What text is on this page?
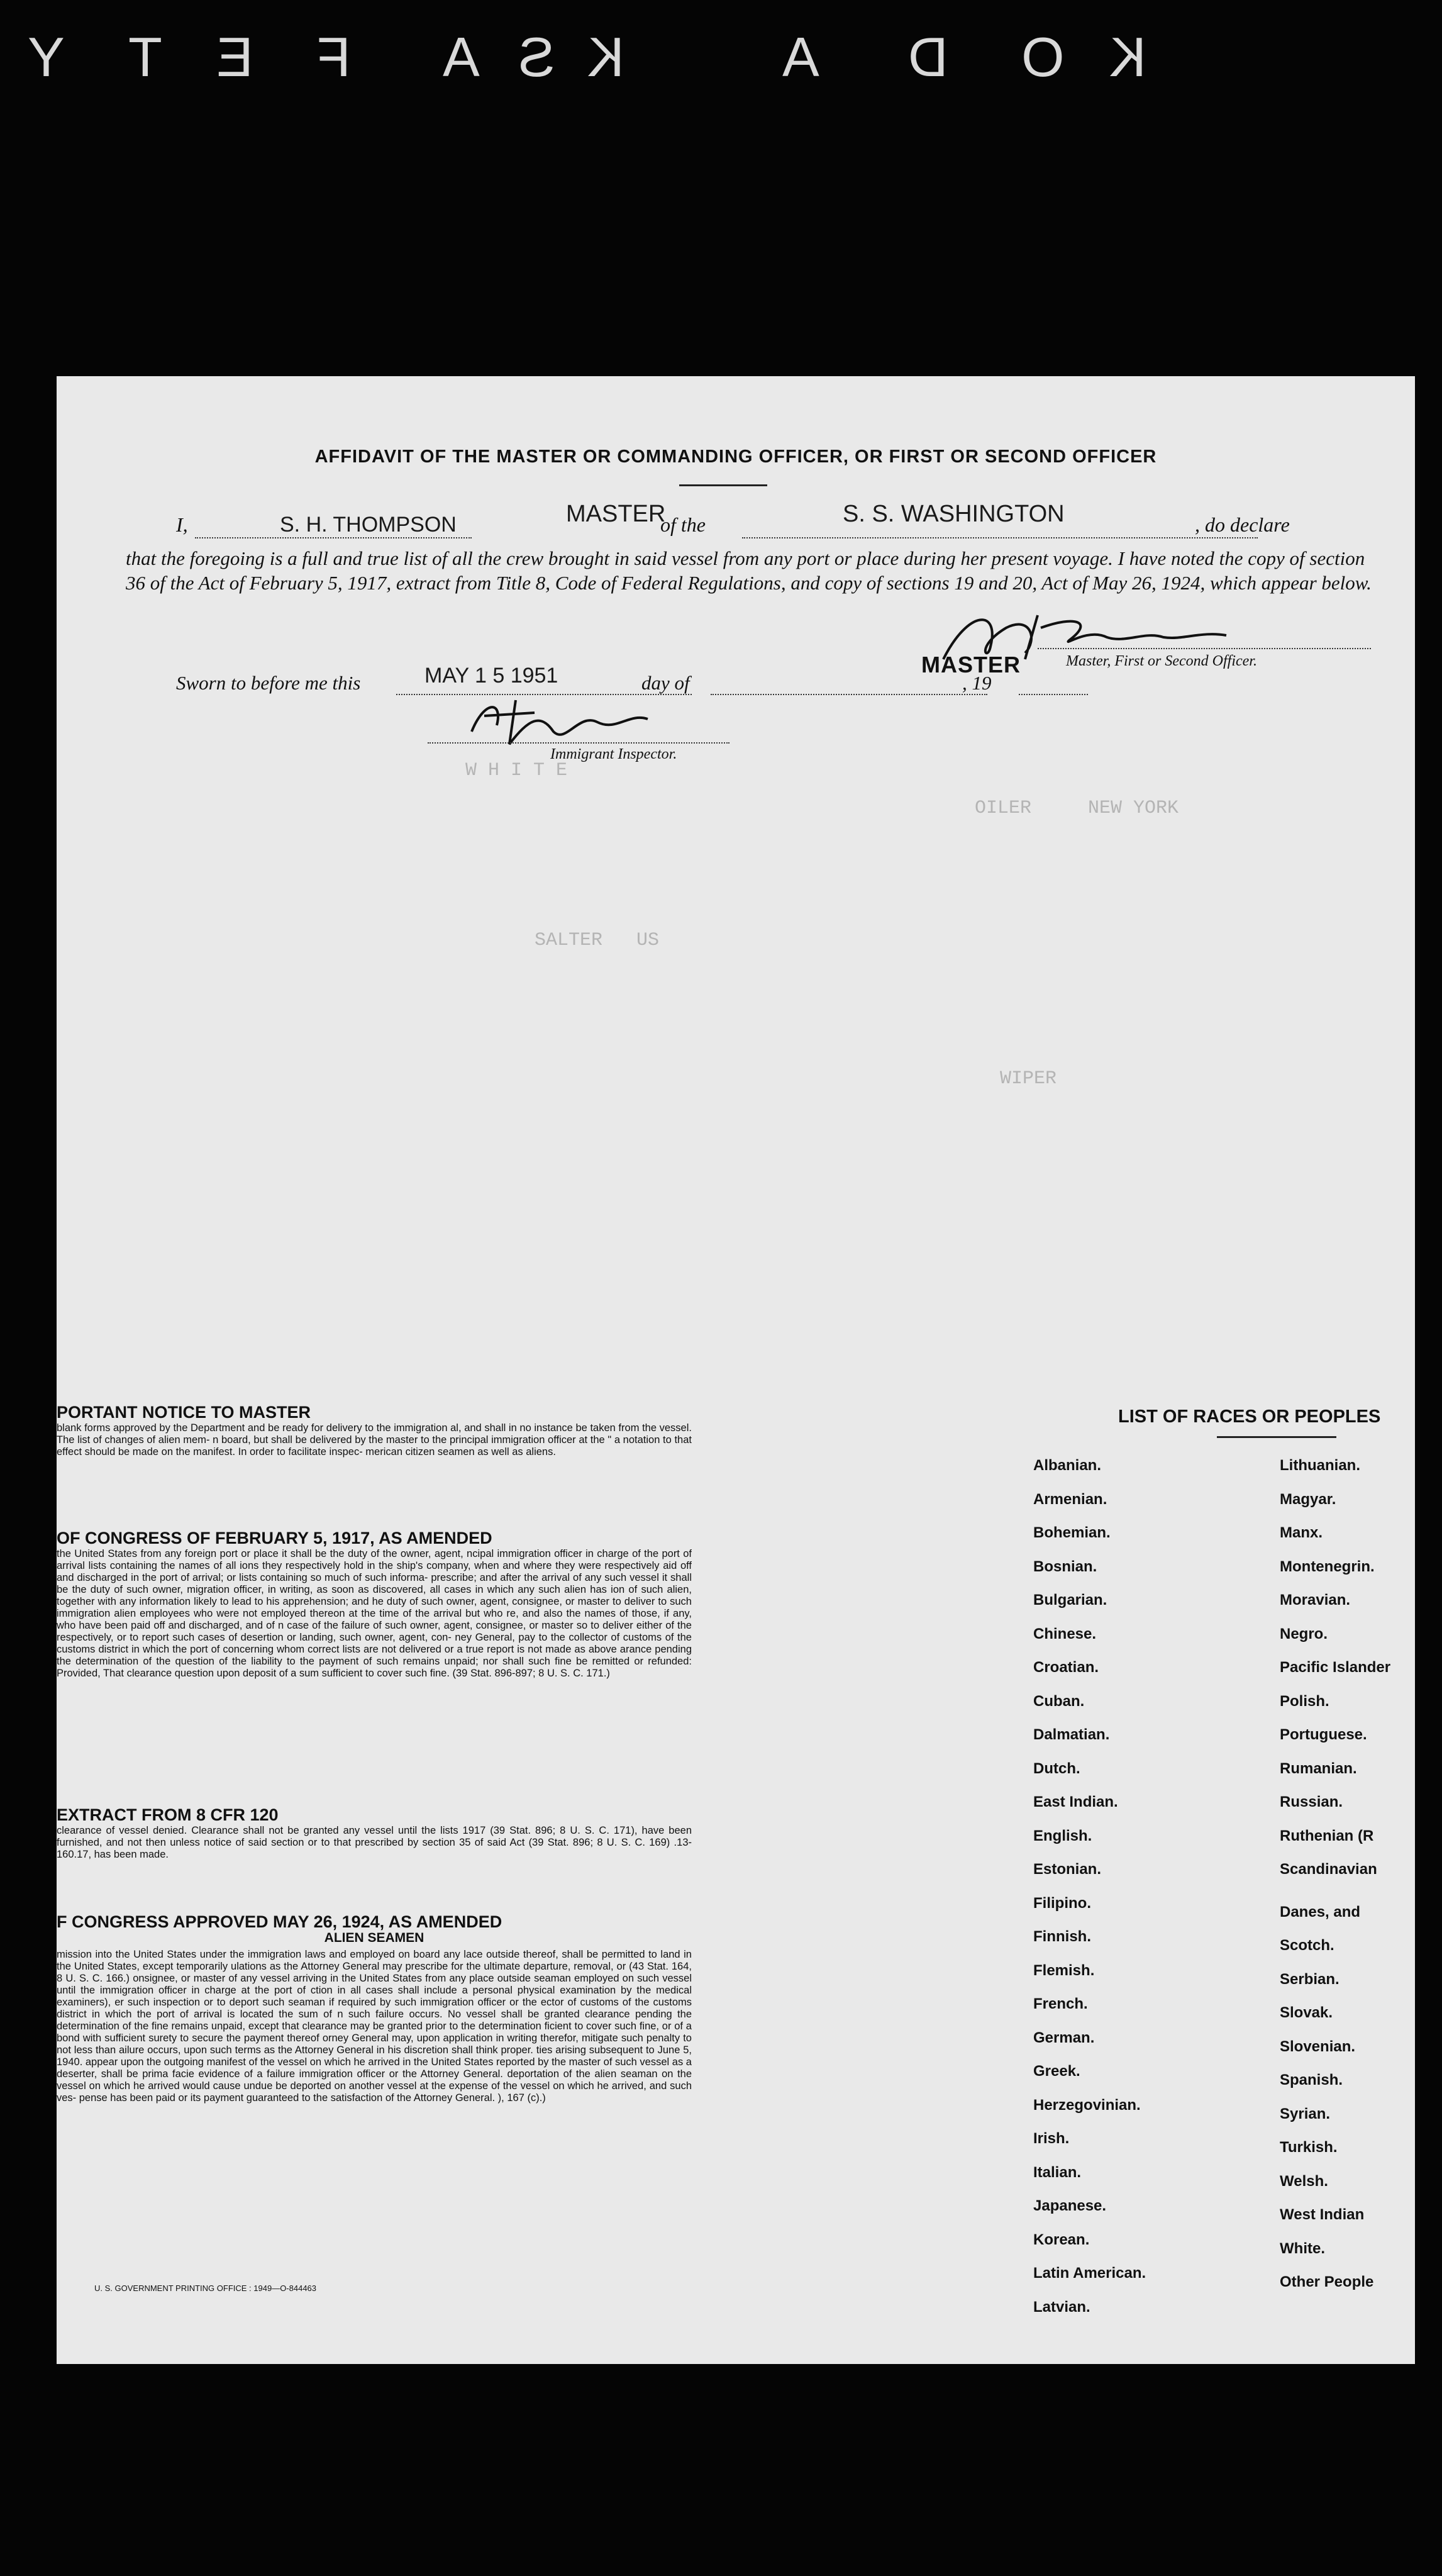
Y T E F A S K	A D O K
W H I T E
OILER     NEW YORK
SALTER   US
WIPER
AFFIDAVIT OF THE MASTER OR COMMANDING OFFICER, OR FIRST OR SECOND OFFICER
I,	S. H. THOMPSON	MASTER
of the	S. S. WASHINGTON	, do declare
that the foregoing is a full and true list of all the crew brought in said vessel from any port or place during her present voyage. I have noted the copy of section 36 of the Act of February 5, 1917, extract from Title 8, Code of Federal Regulations, and copy of sections 19 and 20, Act of May 26, 1924, which appear below.
Sworn to before me this	MAY 1 5 1951	day of	, 19
MASTER	Master, First or Second Officer.
Immigrant Inspector.
PORTANT NOTICE TO MASTER

blank forms approved by the Department and be ready for delivery to the immigration al, and shall in no instance be taken from the vessel. The list of changes of alien mem- n board, but shall be delivered by the master to the principal immigration officer at the " a notation to that effect should be made on the manifest. In order to facilitate inspec- merican citizen seamen as well as aliens.

OF CONGRESS OF FEBRUARY 5, 1917, AS AMENDED

the United States from any foreign port or place it shall be the duty of the owner, agent, ncipal immigration officer in charge of the port of arrival lists containing the names of all ions they respectively hold in the ship's company, when and where they were respectively aid off and discharged in the port of arrival; or lists containing so much of such informa- prescribe; and after the arrival of any such vessel it shall be the duty of such owner, migration officer, in writing, as soon as discovered, all cases in which any such alien has ion of such alien, together with any information likely to lead to his apprehension; and he duty of such owner, agent, consignee, or master to deliver to such immigration alien employees who were not employed thereon at the time of the arrival but who re, and also the names of those, if any, who have been paid off and discharged, and of n case of the failure of such owner, agent, consignee, or master so to deliver either of the respectively, or to report such cases of desertion or landing, such owner, agent, con- ney General, pay to the collector of customs of the customs district in which the port of concerning whom correct lists are not delivered or a true report is not made as above arance pending the determination of the question of the liability to the payment of such remains unpaid; nor shall such fine be remitted or refunded: Provided, That clearance question upon deposit of a sum sufficient to cover such fine. (39 Stat. 896-897; 8 U. S. C. 171.)

EXTRACT FROM 8 CFR 120

clearance of vessel denied. Clearance shall not be granted any vessel until the lists 1917 (39 Stat. 896; 8 U. S. C. 171), have been furnished, and not then unless notice of said section or to that prescribed by section 35 of said Act (39 Stat. 896; 8 U. S. C. 169) .13-160.17, has been made.

F CONGRESS APPROVED MAY 26, 1924, AS AMENDED
ALIEN SEAMEN

mission into the United States under the immigration laws and employed on board any lace outside thereof, shall be permitted to land in the United States, except temporarily ulations as the Attorney General may prescribe for the ultimate departure, removal, or (43 Stat. 164, 8 U. S. C. 166.) onsignee, or master of any vessel arriving in the United States from any place outside seaman employed on such vessel until the immigration officer in charge at the port of ction in all cases shall include a personal physical examination by the medical examiners), er such inspection or to deport such seaman if required by such immigration officer or the ector of customs of the customs district in which the port of arrival is located the sum of n such failure occurs. No vessel shall be granted clearance pending the determination of the fine remains unpaid, except that clearance may be granted prior to the determination ficient to cover such fine, or of a bond with sufficient surety to secure the payment thereof orney General may, upon application in writing therefor, mitigate such penalty to not less than ailure occurs, upon such terms as the Attorney General in his discretion shall think proper. ties arising subsequent to June 5, 1940. appear upon the outgoing manifest of the vessel on which he arrived in the United States reported by the master of such vessel as a deserter, shall be prima facie evidence of a failure immigration officer or the Attorney General. deportation of the alien seaman on the vessel on which he arrived would cause undue be deported on another vessel at the expense of the vessel on which he arrived, and such ves- pense has been paid or its payment guaranteed to the satisfaction of the Attorney General. ), 167 (c).)

U. S. GOVERNMENT PRINTING OFFICE : 1949—O-844463
LIST OF RACES OR PEOPLES
Albanian.
Armenian.
Bohemian.
Bosnian.
Bulgarian.
Chinese.
Croatian.
Cuban.
Dalmatian.
Dutch.
East Indian.
English.
Estonian.
Filipino.
Finnish.
Flemish.
French.
German.
Greek.
Herzegovinian.
Irish.
Italian.
Japanese.
Korean.
Latin American.
Latvian.
Lithuanian.
Magyar.
Manx.
Montenegrin.
Moravian.
Negro.
Pacific Islander
Polish.
Portuguese.
Rumanian.
Russian.
Ruthenian (R
Scandinavian
Danes, and
Scotch.
Serbian.
Slovak.
Slovenian.
Spanish.
Syrian.
Turkish.
Welsh.
West Indian
White.
Other People
